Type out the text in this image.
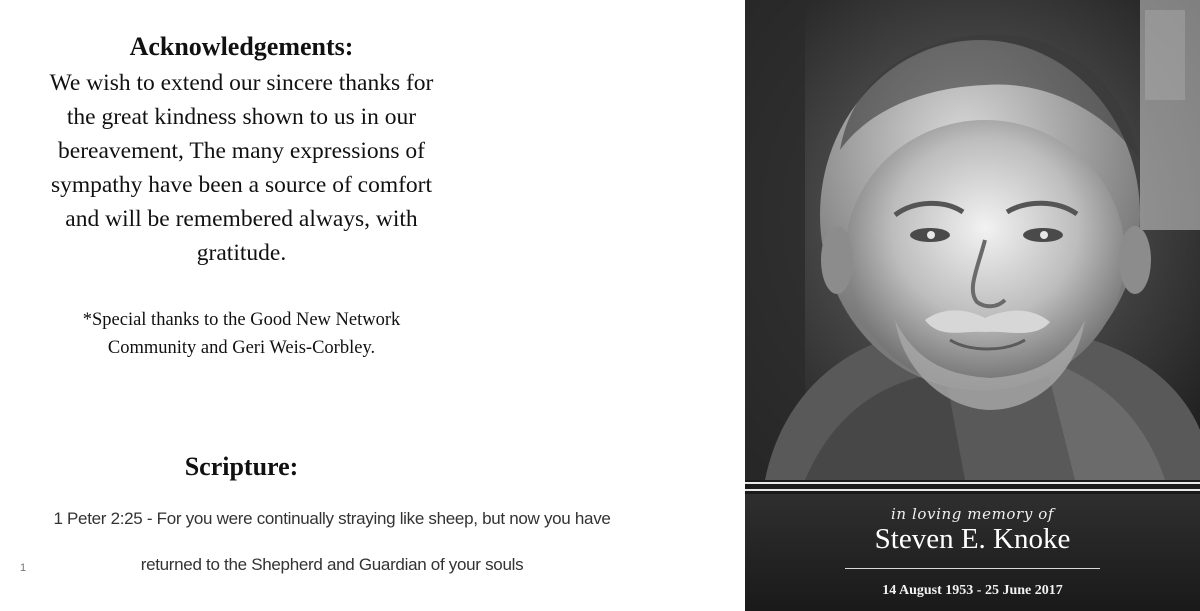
Acknowledgements:

We wish to extend our sincere thanks for

the great kindness shown to us in our

bereavement, The many expressions of

sympathy have been a source of comfort

and will be remembered always, with

gratitude.

*Special thanks to the Good New Network

Community and Geri Weis-Corbley.

Scripture:
1 Peter 2:25 - For you were continually straying like sheep, but now you have
returned to the Shepherd and Guardian of your souls
1
in loving memory of
Steven E. Knoke
14 August 1953 - 25 June 2017
